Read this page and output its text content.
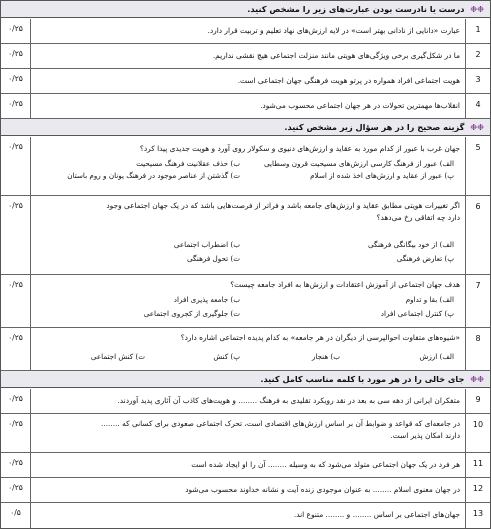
❉❉ درست یا نادرست بودن عبارت‌های زیر را مشخص کنید.
1
عبارت «دانایی از نادانی بهتر است» در لایه ارزش‌های نهاد تعلیم و تربیت قرار دارد.
۰/۲۵
2
ما در شکل‌گیری برخی ویژگی‌های هویتی مانند منزلت اجتماعی هیچ نقشی نداریم.
۰/۲۵
3
هویت اجتماعی افراد همواره در پرتو هویت فرهنگی جهان اجتماعی است.
۰/۲۵
4
انقلاب‌ها مهمترین تحولات در هر جهان اجتماعی محسوب می‌شود.
۰/۲۵
❉❉ گزینه صحیح را در هر سؤال زیر مشخص کنید.
5
جهان غرب با عبور از کدام مورد به عقاید و ارزش‌های دنیوی و سکولار روی آورد و هویت جدیدی پیدا کرد؟
ب) حذف عقلانیت فرهنگ مسیحیت	الف) عبور از فرهنگ کارسی ارزش‌های مسیحیت قرون وسطایی
پ) عبور از عقاید و ارزش‌های اخذ شده از اسلام
ت) گذشتن از عناصر موجود در فرهنگ یونان و روم باستان
۰/۲۵
6
اگر تغییرات هویتی مطابق عقاید و ارزش‌های جامعه باشد و فراتر از فرصت‌هایی باشد که در یک جهان اجتماعی وجود
دارد چه اتفاقی رخ می‌دهد؟
الف) از خود بیگانگی فرهنگی
ب) اضطراب اجتماعی
پ) تعارض فرهنگی
ت) تحول فرهنگی
۰/۲۵
7
هدف جهان اجتماعی از آموزش اعتقادات و ارزش‌ها به افراد جامعه چیست؟
الف) بقا و تداوم
ب) جامعه پذیری افراد
پ) کنترل اجتماعی افراد
ت) جلوگیری از کجروی اجتماعی
۰/۲۵
8
«شیوه‌های متفاوت احوالپرسی از دیگران در هر جامعه» به کدام پدیده اجتماعی اشاره دارد؟
الف) ارزش
ب) هنجار
پ) کنش
ت) کنش اجتماعی
۰/۲۵
❉❉ جای خالی را در هر مورد با کلمه مناسب کامل کنید.
9
متفکران ایرانی از دهه سی به بعد در نقد رویکرد تقلیدی به فرهنگ ........ و هویت‌های کاذب آن آثاری پدید آوردند.
۰/۲۵
10
در جامعه‌ای که قواعد و ضوابط آن بر اساس ارزش‌های اقتصادی است، تحرک اجتماعی صعودی برای کسانی که ........
دارند امکان پذیر است.
۰/۲۵
11
هر فرد در یک جهان اجتماعی متولد می‌شود که به وسیله ........ آن را او ایجاد شده است
۰/۲۵
12
در جهان معنوی اسلام ........ به عنوان موجودی زنده آیت و نشانه خداوند محسوب می‌شود
۰/۲۵
13
جهان‌های اجتماعی بر اساس ........ و ........ متنوع اند.
۰/۵
